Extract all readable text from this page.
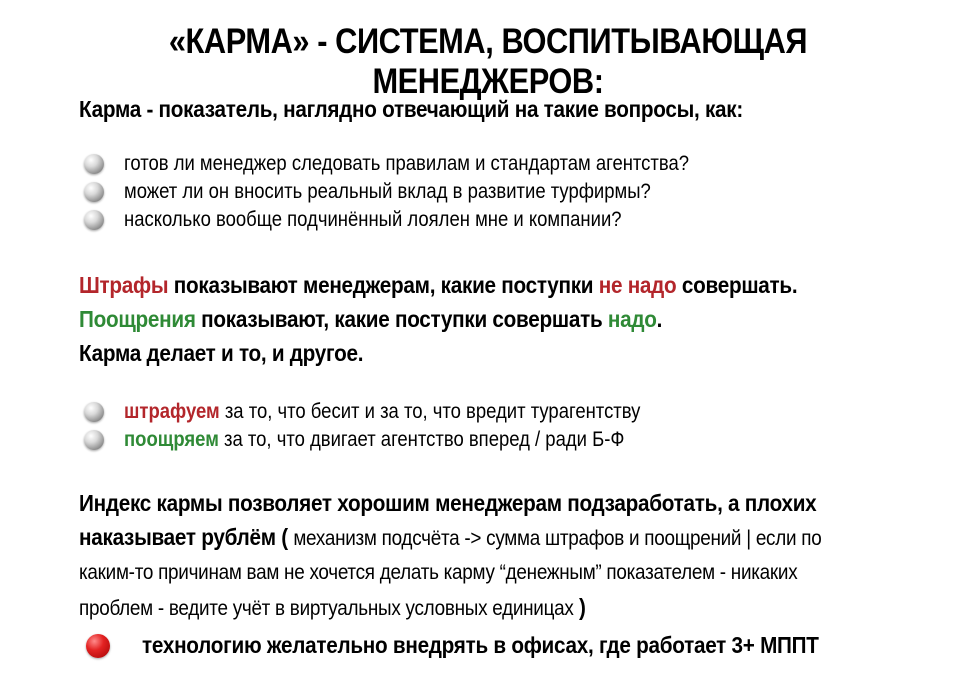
«КАРМА» - СИСТЕМА, ВОСПИТЫВАЮЩАЯ МЕНЕДЖЕРОВ:
Карма - показатель, наглядно отвечающий на такие вопросы, как:
готов ли менеджер следовать правилам и стандартам агентства?
может ли он вносить реальный вклад в развитие турфирмы?
насколько вообще подчинённый лоялен мне и компании?
Штрафы показывают менеджерам, какие поступки не надо совершать.
Поощрения показывают, какие поступки совершать надо.
Карма делает и то, и другое.
штрафуем за то, что бесит и за то, что вредит турагентству
поощряем за то, что двигает агентство вперед / ради Б-Ф
Индекс кармы позволяет хорошим менеджерам подзаработать, а плохих
наказывает рублём ( механизм подсчёта -> сумма штрафов и поощрений | если по
каким-то причинам вам не хочется делать карму “денежным” показателем - никаких
проблем - ведите учёт в виртуальных условных единицах )
технологию желательно внедрять в офисах, где работает 3+ МППТ
